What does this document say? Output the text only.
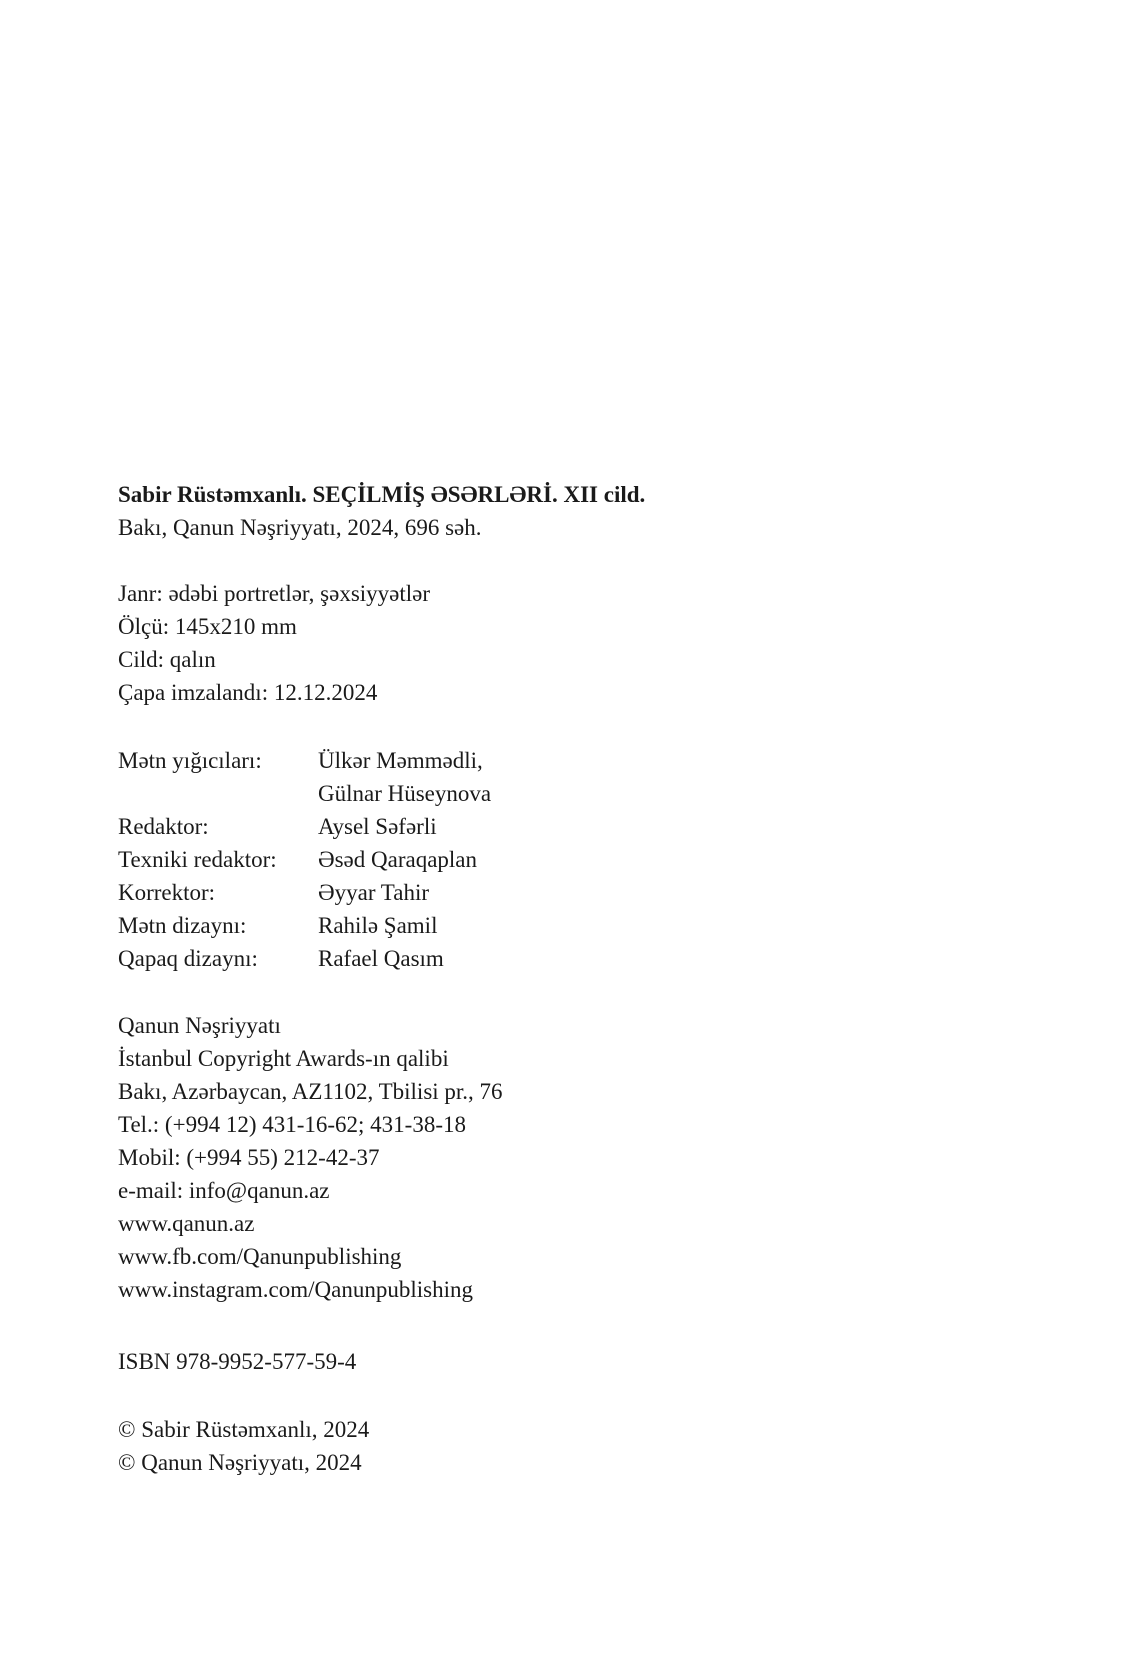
Sabir Rüstəmxanlı. SEÇİLMİŞ ƏSƏRLƏRİ. XII cild.
Bakı, Qanun Nəşriyyatı, 2024, 696 səh.
Janr: ədəbi portretlər, şəxsiyyətlər
Ölçü: 145x210 mm
Cild: qalın
Çapa imzalandı: 12.12.2024
Mətn yığıcıları:	Ülkər Məmmədli,
Gülnar Hüseynova
Redaktor:	Aysel Səfərli
Texniki redaktor:	Əsəd Qaraqaplan
Korrektor:	Əyyar Tahir
Mətn dizaynı:	Rahilə Şamil
Qapaq dizaynı:	Rafael Qasım
Qanun Nəşriyyatı
İstanbul Copyright Awards-ın qalibi
Bakı, Azərbaycan, AZ1102, Tbilisi pr., 76
Tel.: (+994 12) 431-16-62; 431-38-18
Mobil: (+994 55) 212-42-37
e-mail: info@qanun.az
www.qanun.az
www.fb.com/Qanunpublishing
www.instagram.com/Qanunpublishing
ISBN 978-9952-577-59-4
© Sabir Rüstəmxanlı, 2024
© Qanun Nəşriyyatı, 2024
